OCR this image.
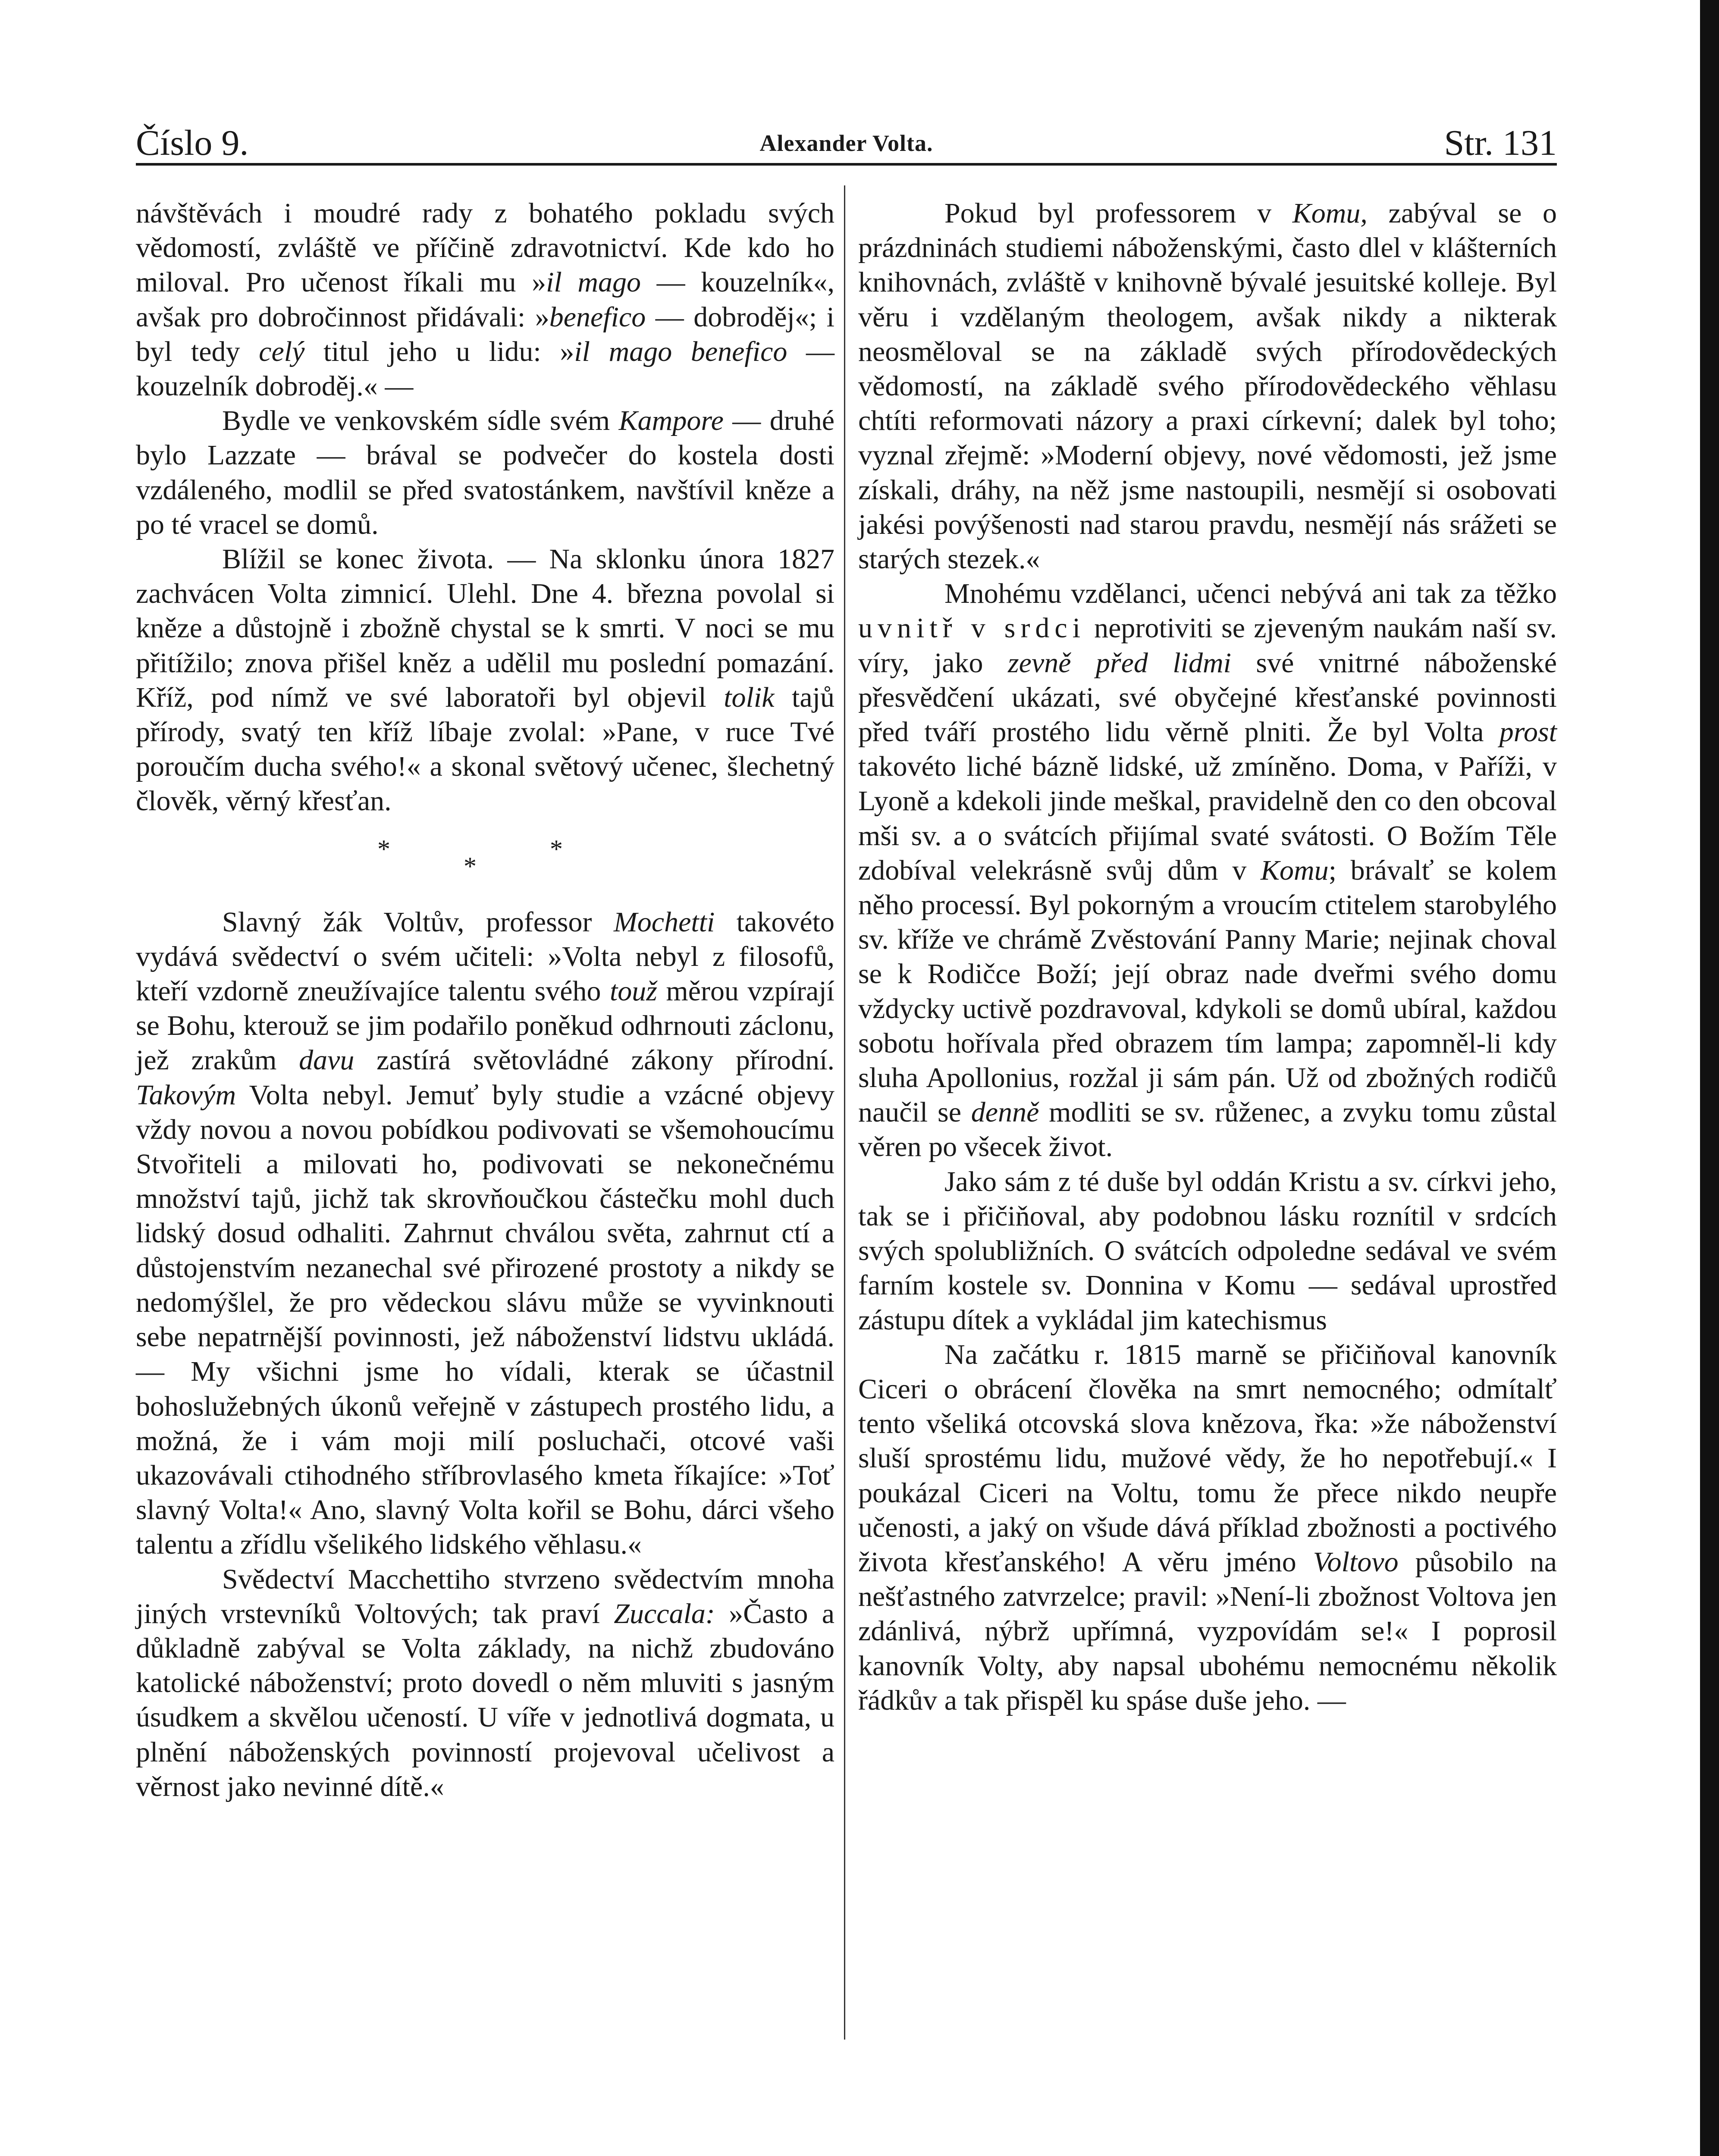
Číslo 9.	Alexander Volta.	Str. 131

návštěvách i moudré rady z bohatého pokladu svých vědomostí, zvláště ve příčině zdravotnictví. Kde kdo ho miloval. Pro učenost říkali mu »il mago — kouzelník«, avšak pro dobročinnost přidávali: »benefico — dobroděj«; i byl tedy celý titul jeho u lidu: »il mago benefico — kouzelník dobroděj.« —

Bydle ve venkovském sídle svém Kampore — druhé bylo Lazzate — brával se podvečer do kostela dosti vzdáleného, modlil se před svatostánkem, navštívil kněze a po té vracel se domů.

Blížil se konec života. — Na sklonku února 1827 zachvácen Volta zimnicí. Ulehl. Dne 4. března povolal si kněze a důstojně i zbožně chystal se k smrti. V noci se mu přitížilo; znova přišel kněz a udělil mu poslední pomazání. Kříž, pod nímž ve své laboratoři byl objevil tolik tajů přírody, svatý ten kříž líbaje zvolal: »Pane, v ruce Tvé poroučím ducha svého!« a skonal světový učenec, šlechetný člověk, věrný křesťan.

*
*
*

Slavný žák Voltův, professor Mochetti takovéto vydává svědectví o svém učiteli: »Volta nebyl z filosofů, kteří vzdorně zneužívajíce talentu svého touž měrou vzpírají se Bohu, kterouž se jim podařilo poněkud odhrnouti záclonu, jež zrakům davu zastírá světovládné zákony přírodní. Takovým Volta nebyl. Jemuť byly studie a vzácné objevy vždy novou a novou pobídkou podivovati se všemohoucímu Stvořiteli a milovati ho, podivovati se nekonečnému množství tajů, jichž tak skrovňoučkou částečku mohl duch lidský dosud odhaliti. Zahrnut chválou světa, zahrnut ctí a důstojenstvím nezanechal své přirozené prostoty a nikdy se nedomýšlel, že pro vědeckou slávu může se vyvinknouti sebe nepatrnější povinnosti, jež náboženství lidstvu ukládá. — My všichni jsme ho vídali, kterak se účastnil bohoslužebných úkonů veřejně v zástupech prostého lidu, a možná, že i vám moji milí posluchači, otcové vaši ukazovávali ctihodného stříbrovlasého kmeta říkajíce: »Toť slavný Volta!« Ano, slavný Volta kořil se Bohu, dárci všeho talentu a zřídlu všelikého lidského věhlasu.«

Svědectví Macchettiho stvrzeno svědectvím mnoha jiných vrstevníků Voltových; tak praví Zuccala: »Často a důkladně zabýval se Volta základy, na nichž zbudováno katolické náboženství; proto dovedl o něm mluviti s jasným úsudkem a skvělou učeností. U víře v jednotlivá dogmata, u plnění náboženských povinností projevoval učelivost a věrnost jako nevinné dítě.«

Pokud byl professorem v Komu, zabýval se o prázdninách studiemi náboženskými, často dlel v klášterních knihovnách, zvláště v knihovně bývalé jesuitské kolleje. Byl věru i vzdělaným theologem, avšak nikdy a nikterak neosměloval se na základě svých přírodovědeckých vědomostí, na základě svého přírodovědeckého věhlasu chtíti reformovati názory a praxi církevní; dalek byl toho; vyznal zřejmě: »Moderní objevy, nové vědomosti, jež jsme získali, dráhy, na něž jsme nastoupili, nesmějí si osobovati jakési povýšenosti nad starou pravdu, nesmějí nás srážeti se starých stezek.«

Mnohému vzdělanci, učenci nebývá ani tak za těžko uvnitř v srdci neprotiviti se zjeveným naukám naší sv. víry, jako zevně před lidmi své vnitrné náboženské přesvědčení ukázati, své obyčejné křesťanské povinnosti před tváří prostého lidu věrně plniti. Že byl Volta prost takovéto liché bázně lidské, už zmíněno. Doma, v Paříži, v Lyoně a kdekoli jinde meškal, pravidelně den co den obcoval mši sv. a o svátcích přijímal svaté svátosti. O Božím Těle zdobíval velekrásně svůj dům v Komu; brávalť se kolem něho processí. Byl pokorným a vroucím ctitelem starobylého sv. kříže ve chrámě Zvěstování Panny Marie; nejinak choval se k Rodičce Boží; její obraz nade dveřmi svého domu vždycky uctivě pozdravoval, kdykoli se domů ubíral, každou sobotu hořívala před obrazem tím lampa; zapomněl-li kdy sluha Apollonius, rozžal ji sám pán. Už od zbožných rodičů naučil se denně modliti se sv. růženec, a zvyku tomu zůstal věren po všecek život.

Jako sám z té duše byl oddán Kristu a sv. církvi jeho, tak se i přičiňoval, aby podobnou lásku roznítil v srdcích svých spolubližních. O svátcích odpoledne sedával ve svém farním kostele sv. Donnina v Komu — sedával uprostřed zástupu dítek a vykládal jim katechismus

Na začátku r. 1815 marně se přičiňoval kanovník Ciceri o obrácení člověka na smrt nemocného; odmítalť tento všeliká otcovská slova knězova, řka: »že náboženství sluší sprostému lidu, mužové vědy, že ho nepotřebují.« I poukázal Ciceri na Voltu, tomu že přece nikdo neupře učenosti, a jaký on všude dává příklad zbožnosti a poctivého života křesťanského! A věru jméno Voltovo působilo na nešťastného zatvrzelce; pravil: »Není-li zbožnost Voltova jen zdánlivá, nýbrž upřímná, vyzpovídám se!« I poprosil kanovník Volty, aby napsal ubohému nemocnému několik řádkův a tak přispěl ku spáse duše jeho. —
